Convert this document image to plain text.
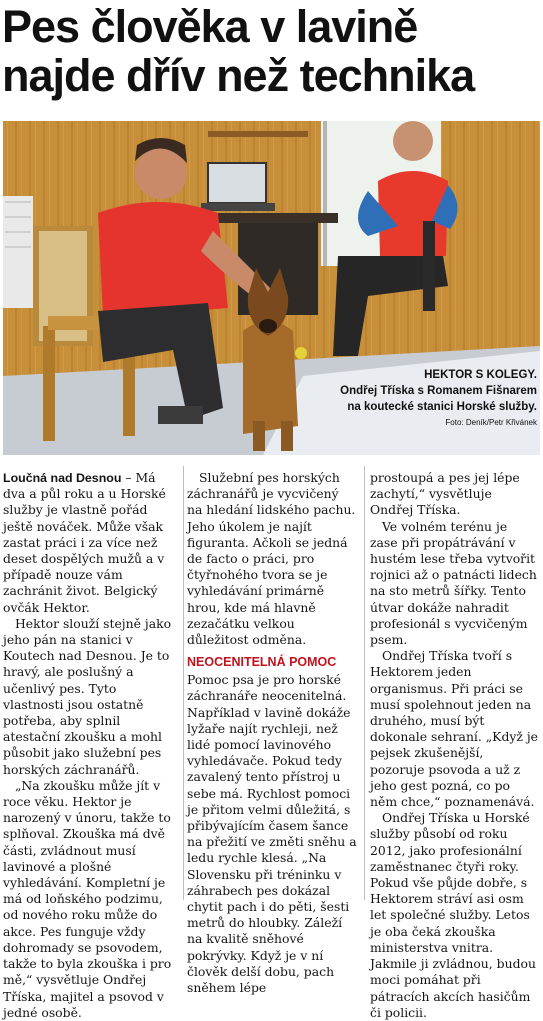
Pes člověka v lavině
najde dřív než technika
HEKTOR S KOLEGY.
Ondřej Tříska s Romanem Fišnarem na koutecké stanici Horské služby.
Foto: Deník/Petr Křivánek

Loučná nad Desnou – Má dva a půl roku a u Horské služby je vlastně pořád ještě nováček. Může však zastat práci i za více než deset dospělých mužů a v případě nouze vám zachránit život. Belgický ovčák Hektor.

Hektor slouží stejně jako jeho pán na stanici v Koutech nad Desnou. Je to hravý, ale poslušný a učenlivý pes. Tyto vlastnosti jsou ostatně potřeba, aby splnil atestační zkoušku a mohl působit jako služební pes horských záchranářů.

„Na zkoušku může jít v roce věku. Hektor je narozený v únoru, takže to splňoval. Zkouška má dvě části, zvládnout musí lavinové a plošné vyhledávání. Kompletní je má od loňského podzimu, od nového roku může do akce. Pes funguje vždy dohromady se psovodem, takže to byla zkouška i pro mě,“ vysvětluje Ondřej Tříska, majitel a psovod v jedné osobě.

Služební pes horských záchranářů je vycvičený na hledání lidského pachu. Jeho úkolem je najít figuranta. Ačkoli se jedná de facto o práci, pro čtyřnohého tvora se je vyhledávání primárně hrou, kde má hlavně zezačátku velkou důležitost odměna.

NEOCENITELNÁ POMOC

Pomoc psa je pro horské záchranáře neocenitelná. Například v lavině dokáže lyžaře najít rychleji, než lidé pomocí lavinového vyhledávače. Pokud tedy zavalený tento přístroj u sebe má. Rychlost pomoci je přitom velmi důležitá, s přibývajícím časem šance na přežití ve změti sněhu a ledu rychle klesá. „Na Slovensku při tréninku v záhrabech pes dokázal chytit pach i do pěti, šesti metrů do hloubky. Záleží na kvalitě sněhové pokrývky. Když je v ní člověk delší dobu, pach sněhem lépe

prostoupá a pes jej lépe zachytí,“ vysvětluje Ondřej Tříska.

Ve volném terénu je zase při propátrávání v hustém lese třeba vytvořit rojnici až o patnácti lidech na sto metrů šířky. Tento útvar dokáže nahradit profesionál s vycvičeným psem.

Ondřej Tříska tvoří s Hektorem jeden organismus. Při práci se musí spolehnout jeden na druhého, musí být dokonale sehraní. „Když je pejsek zkušenější, pozoruje psovoda a už z jeho gest pozná, co po něm chce,“ poznamenává.

Ondřej Tříska u Horské služby působí od roku 2012, jako profesionální zaměstnanec čtyři roky. Pokud vše půjde dobře, s Hektorem stráví asi osm let společné služby. Letos je oba čeká zkouška ministerstva vnitra. Jakmile ji zvládnou, budou moci pomáhat při pátracích akcích hasičům či policii.
